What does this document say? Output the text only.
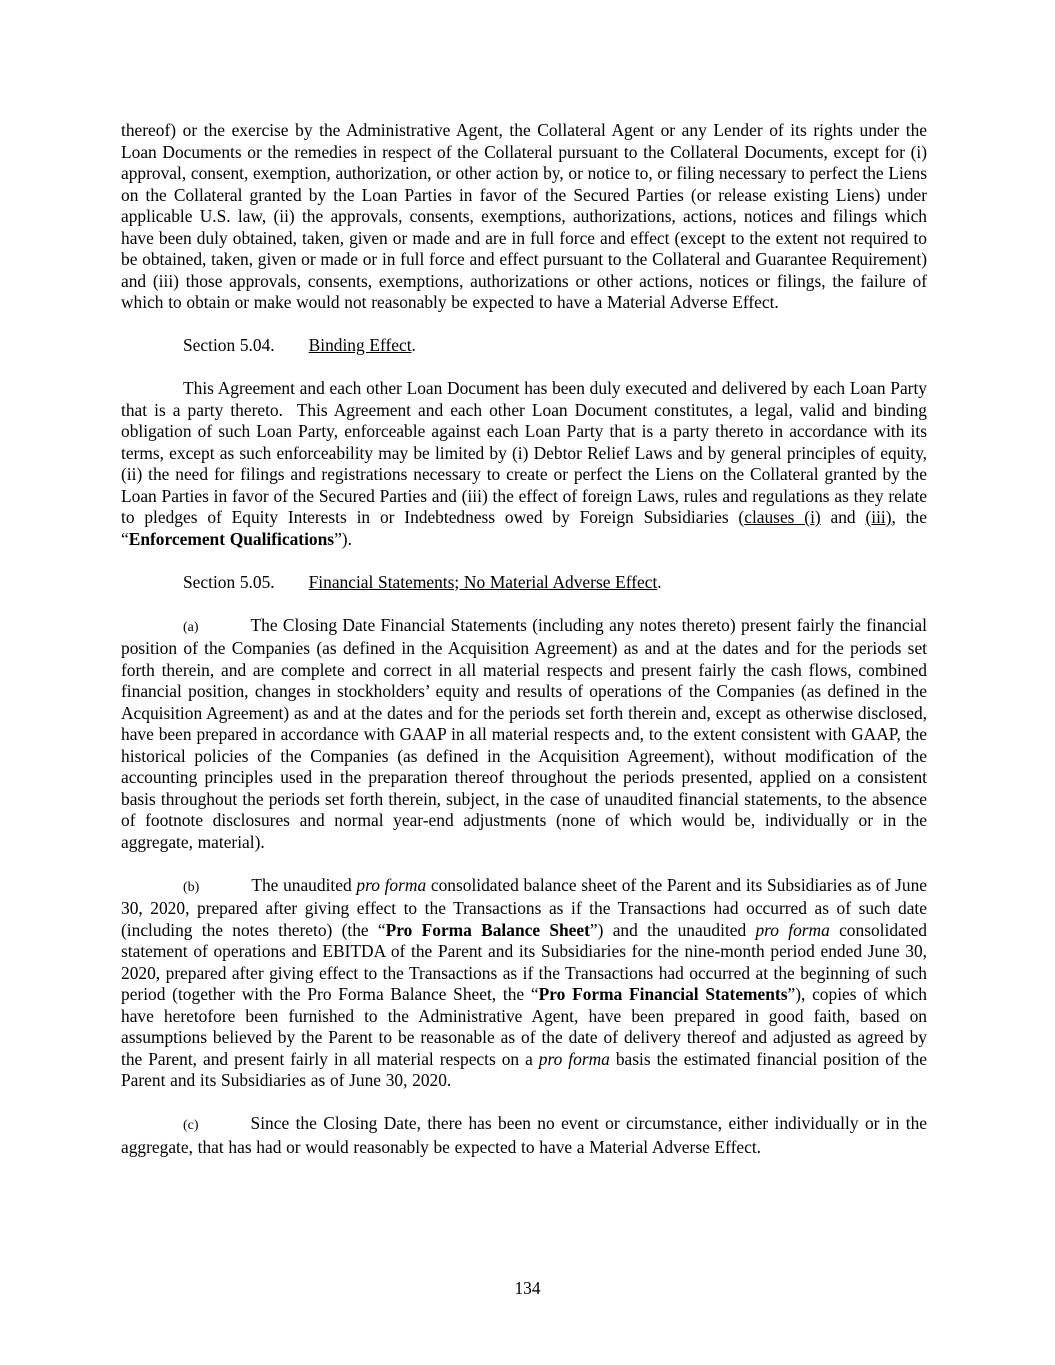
thereof) or the exercise by the Administrative Agent, the Collateral Agent or any Lender of its rights under the Loan Documents or the remedies in respect of the Collateral pursuant to the Collateral Documents, except for (i) approval, consent, exemption, authorization, or other action by, or notice to, or filing necessary to perfect the Liens on the Collateral granted by the Loan Parties in favor of the Secured Parties (or release existing Liens) under applicable U.S. law, (ii) the approvals, consents, exemptions, authorizations, actions, notices and filings which have been duly obtained, taken, given or made and are in full force and effect (except to the extent not required to be obtained, taken, given or made or in full force and effect pursuant to the Collateral and Guarantee Requirement) and (iii) those approvals, consents, exemptions, authorizations or other actions, notices or filings, the failure of which to obtain or make would not reasonably be expected to have a Material Adverse Effect.

Section 5.04. Binding Effect.

This Agreement and each other Loan Document has been duly executed and delivered by each Loan Party that is a party thereto.  This Agreement and each other Loan Document constitutes, a legal, valid and binding obligation of such Loan Party, enforceable against each Loan Party that is a party thereto in accordance with its terms, except as such enforceability may be limited by (i) Debtor Relief Laws and by general principles of equity, (ii) the need for filings and registrations necessary to create or perfect the Liens on the Collateral granted by the Loan Parties in favor of the Secured Parties and (iii) the effect of foreign Laws, rules and regulations as they relate to pledges of Equity Interests in or Indebtedness owed by Foreign Subsidiaries (clauses (i) and (iii), the “Enforcement Qualifications”).

Section 5.05. Financial Statements; No Material Adverse Effect.

(a)	The Closing Date Financial Statements (including any notes thereto) present fairly the financial position of the Companies (as defined in the Acquisition Agreement) as and at the dates and for the periods set forth therein, and are complete and correct in all material respects and present fairly the cash flows, combined financial position, changes in stockholders’ equity and results of operations of the Companies (as defined in the Acquisition Agreement) as and at the dates and for the periods set forth therein and, except as otherwise disclosed, have been prepared in accordance with GAAP in all material respects and, to the extent consistent with GAAP, the historical policies of the Companies (as defined in the Acquisition Agreement), without modification of the accounting principles used in the preparation thereof throughout the periods presented, applied on a consistent basis throughout the periods set forth therein, subject, in the case of unaudited financial statements, to the absence of footnote disclosures and normal year-end adjustments (none of which would be, individually or in the aggregate, material).

(b)	The unaudited pro forma consolidated balance sheet of the Parent and its Subsidiaries as of June 30, 2020, prepared after giving effect to the Transactions as if the Transactions had occurred as of such date (including the notes thereto) (the “Pro Forma Balance Sheet”) and the unaudited pro forma consolidated statement of operations and EBITDA of the Parent and its Subsidiaries for the nine-month period ended June 30, 2020, prepared after giving effect to the Transactions as if the Transactions had occurred at the beginning of such period (together with the Pro Forma Balance Sheet, the “Pro Forma Financial Statements”), copies of which have heretofore been furnished to the Administrative Agent, have been prepared in good faith, based on assumptions believed by the Parent to be reasonable as of the date of delivery thereof and adjusted as agreed by the Parent, and present fairly in all material respects on a pro forma basis the estimated financial position of the Parent and its Subsidiaries as of June 30, 2020.

(c)	Since the Closing Date, there has been no event or circumstance, either individually or in the aggregate, that has had or would reasonably be expected to have a Material Adverse Effect.

134
